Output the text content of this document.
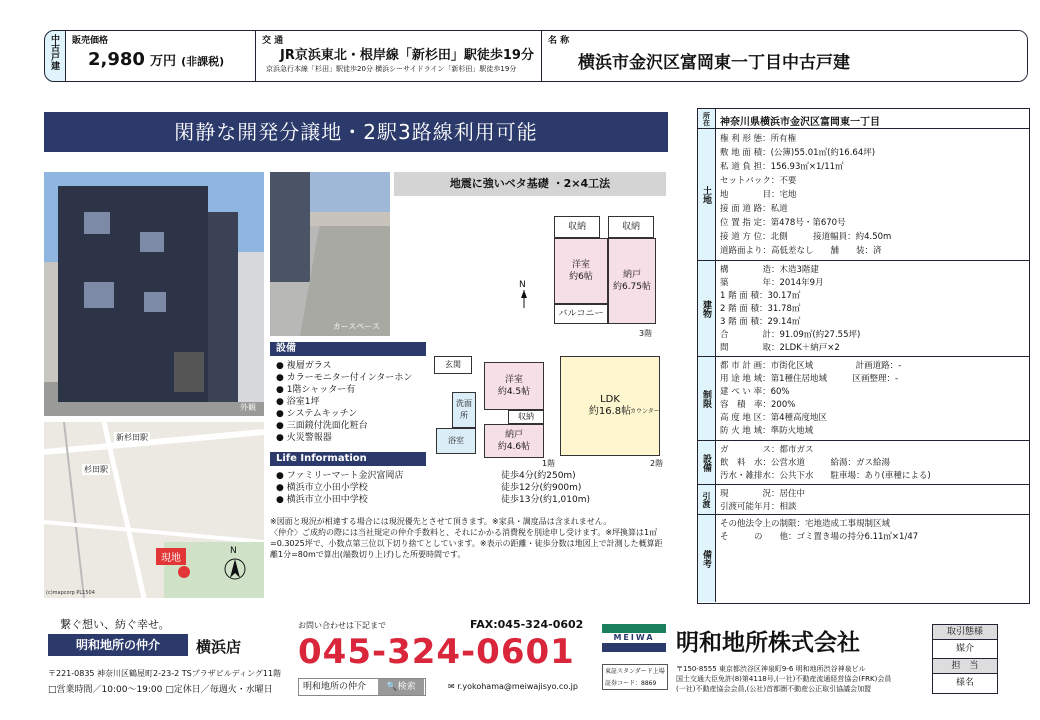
中古戸建 販売価格
2,980 万円 (非課税)
交 通
JR京浜東北・根岸線「新杉田」駅徒歩19分
京浜急行本線「杉田」駅徒歩20分 横浜シーサイドライン「新杉田」駅徒歩19分
名 称
横浜市金沢区富岡東一丁目中古戸建
閑静な開発分譲地・2駅3路線利用可能
外観
カースペース
地震に強いベタ基礎 ・2×4工法
収納	収納
洋室
約6帖	納戸
約6.75帖
バルコニー
3階
N
玄関
洗面
所
浴室
洋室
約4.5帖
収納
納戸
約4.6帖
1階
LDK
約16.8帖
カウンター
2階
設備
● 複層ガラス
● カラーモニター付インターホン
● 1階シャッター有
● 浴室1坪
● システムキッチン
● 三面鏡付洗面化粧台
● 火災警報器
Life Information
● ファミリーマート金沢富岡店	徒歩4分(約250m)
● 横浜市立小田小学校	徒歩12分(約900m)
● 横浜市立小田中学校	徒歩13分(約1,010m)
新杉田駅
杉田駅
現地
N
(c)mapcorp PL1504
※図面と現況が相違する場合には現況優先とさせて頂きます。※家具・調度品は含まれません。
〈仲介〉ご成約の際には当社規定の仲介手数料と、それにかかる消費税を別途申し受けます。※坪換算は1㎡
=0.3025坪で、小数点第三位以下切り捨てとしています。※表示の距離・徒歩分数は地図上で計測した概算距
離1分=80mで算出(端数切り上げ)した所要時間です。
所在 神奈川県横浜市金沢区富岡東一丁目
土地
権 利 形 態：所有権
敷 地 面 積：(公簿)55.01㎡(約16.64坪)
私 道 負 担：156.93㎡×1/11㎡
セットバック：不要
地　　　　目：宅地
接 面 道 路：私道
位 置 指 定：第478号・第670号
接 道 方 位：北側　　　接道幅員：約4.50m
道路面より：高低差なし　　舗　　装：済
建物
構　　　　造：木造3階建
築　　　　年：2014年9月
1 階 面 積：30.17㎡
2 階 面 積：31.78㎡
3 階 面 積：29.14㎡
合　　　　計：91.09㎡(約27.55坪)
間　　　　取：2LDK＋納戸×2
制限
都 市 計 画：市街化区域　　　　　計画道路：-
用 途 地 域：第1種住居地域　　　区画整理：-
建 ぺ い 率：60%
容　積　率：200%
高 度 地 区：第4種高度地区
防 火 地 域：準防火地域
設備
ガ　　　　ス：都市ガス
飲　料　水：公営水道　　　給湯：ガス給湯
汚水・雑排水：公共下水　　駐車場：あり(車種による)
引渡	現　　　　況：居住中
引渡可能年月：相談
備考
その他法令上の制限：宅地造成工事規制区域
そ　　　の　　他：ゴミ置き場の持分6.11㎡×1/47
繋ぐ想い、紡ぐ幸せ。
明和地所の仲介	横浜店
〒221-0835 神奈川区鶴屋町2-23-2 TSプラザビルディング11階
□営業時間／10:00～19:00 □定休日／毎週火・水曜日
お問い合わせは下記まで	FAX:045-324-0602
045-324-0601
明和地所の仲介	🔍検索	✉ r.yokohama@meiwajisyo.co.jp
MEIWA 明和地所株式会社
東証スタンダード上場
証券コード：8869
〒150-8555 東京都渋谷区神泉町9-6 明和地所渋谷神泉ビル
国土交通大臣免許(8)第4118号,(一社)不動産流通経営協会(FRK)会員
(一社)不動産協会会員,(公社)首都圏不動産公正取引協議会加盟
取引態様
媒介
担　当
様名
